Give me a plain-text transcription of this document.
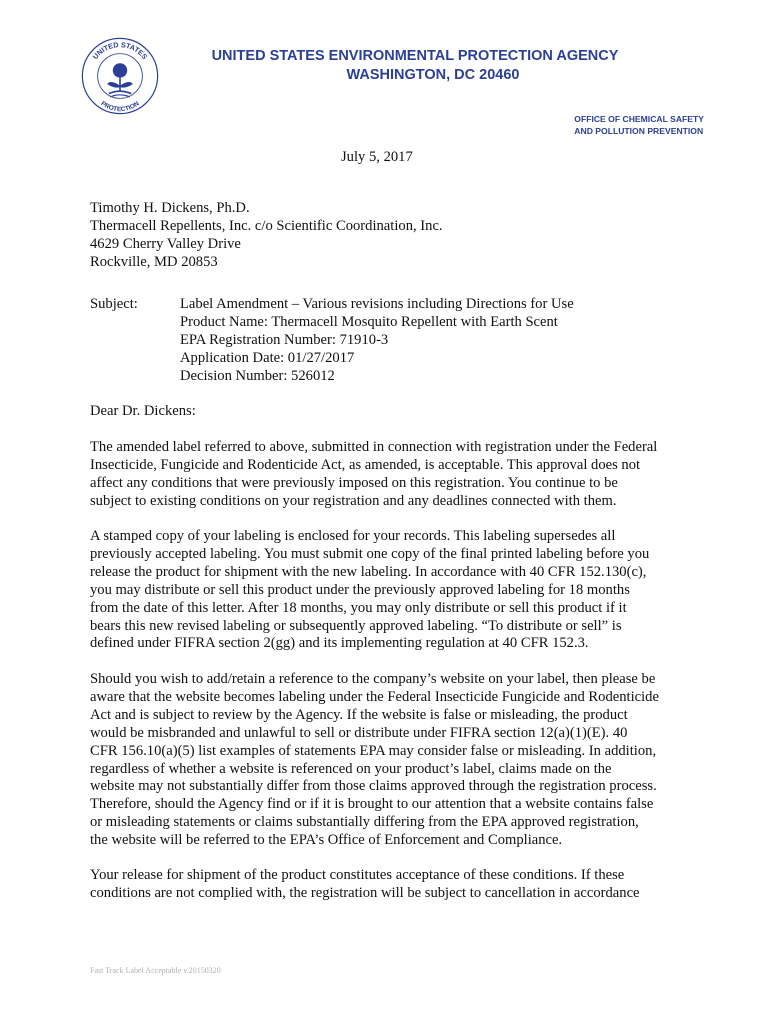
UNITED STATES
PROTECTION
UNITED STATES ENVIRONMENTAL PROTECTION AGENCY
WASHINGTON, DC 20460
OFFICE OF CHEMICAL SAFETY
AND POLLUTION PREVENTION
July 5, 2017
Timothy H. Dickens, Ph.D.
Thermacell Repellents, Inc. c/o Scientific Coordination, Inc.
4629 Cherry Valley Drive
Rockville, MD 20853
Subject:	Label Amendment – Various revisions including Directions for Use
Product Name: Thermacell Mosquito Repellent with Earth Scent
EPA Registration Number: 71910-3
Application Date: 01/27/2017
Decision Number: 526012
Dear Dr. Dickens:
The amended label referred to above, submitted in connection with registration under the Federal
Insecticide, Fungicide and Rodenticide Act, as amended, is acceptable. This approval does not
affect any conditions that were previously imposed on this registration. You continue to be
subject to existing conditions on your registration and any deadlines connected with them.
A stamped copy of your labeling is enclosed for your records. This labeling supersedes all
previously accepted labeling. You must submit one copy of the final printed labeling before you
release the product for shipment with the new labeling. In accordance with 40 CFR 152.130(c),
you may distribute or sell this product under the previously approved labeling for 18 months
from the date of this letter. After 18 months, you may only distribute or sell this product if it
bears this new revised labeling or subsequently approved labeling. “To distribute or sell” is
defined under FIFRA section 2(gg) and its implementing regulation at 40 CFR 152.3.
Should you wish to add/retain a reference to the company’s website on your label, then please be
aware that the website becomes labeling under the Federal Insecticide Fungicide and Rodenticide
Act and is subject to review by the Agency. If the website is false or misleading, the product
would be misbranded and unlawful to sell or distribute under FIFRA section 12(a)(1)(E). 40
CFR 156.10(a)(5) list examples of statements EPA may consider false or misleading. In addition,
regardless of whether a website is referenced on your product’s label, claims made on the
website may not substantially differ from those claims approved through the registration process.
Therefore, should the Agency find or if it is brought to our attention that a website contains false
or misleading statements or claims substantially differing from the EPA approved registration,
the website will be referred to the EPA’s Office of Enforcement and Compliance.
Your release for shipment of the product constitutes acceptance of these conditions. If these
conditions are not complied with, the registration will be subject to cancellation in accordance
Fast Track Label Acceptable v.20150320
